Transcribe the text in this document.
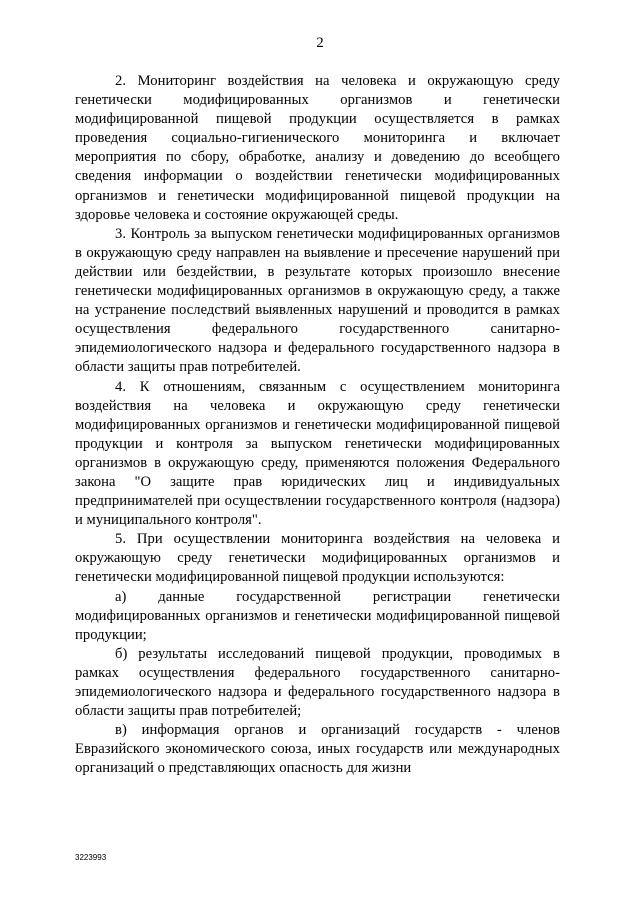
2

2. Мониторинг воздействия на человека и окружающую среду генетически модифицированных организмов и генетически модифицированной пищевой продукции осуществляется в рамках проведения социально-гигиенического мониторинга и включает мероприятия по сбору, обработке, анализу и доведению до всеобщего сведения информации о воздействии генетически модифицированных организмов и генетически модифицированной пищевой продукции на здоровье человека и состояние окружающей среды.

3. Контроль за выпуском генетически модифицированных организмов в окружающую среду направлен на выявление и пресечение нарушений при действии или бездействии, в результате которых произошло внесение генетически модифицированных организмов в окружающую среду, а также на устранение последствий выявленных нарушений и проводится в рамках осуществления федерального государственного санитарно-эпидемиологического надзора и федерального государственного надзора в области защиты прав потребителей.

4. К отношениям, связанным с осуществлением мониторинга воздействия на человека и окружающую среду генетически модифицированных организмов и генетически модифицированной пищевой продукции и контроля за выпуском генетически модифицированных организмов в окружающую среду, применяются положения Федерального закона "О защите прав юридических лиц и индивидуальных предпринимателей при осуществлении государственного контроля (надзора) и муниципального контроля".

5. При осуществлении мониторинга воздействия на человека и окружающую среду генетически модифицированных организмов и генетически модифицированной пищевой продукции используются:

а) данные государственной регистрации генетически модифицированных организмов и генетически модифицированной пищевой продукции;

б) результаты исследований пищевой продукции, проводимых в рамках осуществления федерального государственного санитарно-эпидемиологического надзора и федерального государственного надзора в области защиты прав потребителей;

в) информация органов и организаций государств - членов Евразийского экономического союза, иных государств или международных организаций о представляющих опасность для жизни

3223993
